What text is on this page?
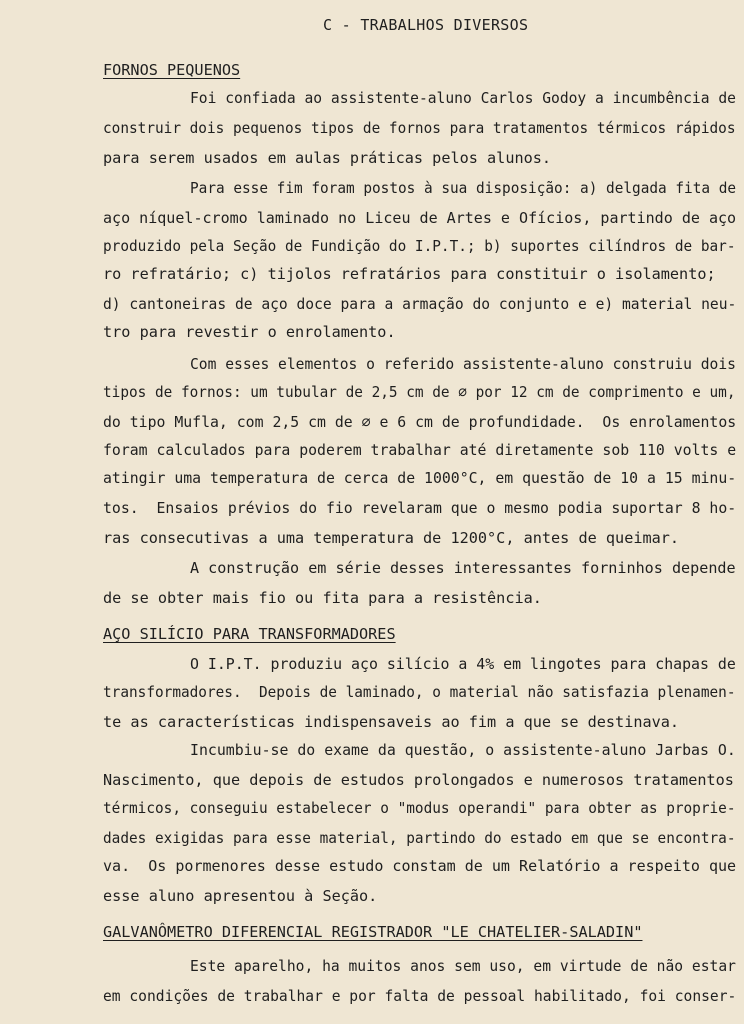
C - TRABALHOS DIVERSOS
FORNOS PEQUENOS
Foi confiada ao assistente-aluno Carlos Godoy a incumbência de
construir dois pequenos tipos de fornos para tratamentos térmicos rápidos
para serem usados em aulas práticas pelos alunos.
Para esse fim foram postos à sua disposição: a) delgada fita de
aço níquel-cromo laminado no Liceu de Artes e Ofícios, partindo de aço
produzido pela Seção de Fundição do I.P.T.; b) suportes cilíndros de bar-
ro refratário; c) tijolos refratários para constituir o isolamento;
d) cantoneiras de aço doce para a armação do conjunto e e) material neu-
tro para revestir o enrolamento.
Com esses elementos o referido assistente-aluno construiu dois
tipos de fornos: um tubular de 2,5 cm de ∅ por 12 cm de comprimento e um,
do tipo Mufla, com 2,5 cm de ∅ e 6 cm de profundidade.  Os enrolamentos
foram calculados para poderem trabalhar até diretamente sob 110 volts e
atingir uma temperatura de cerca de 1000°C, em questão de 10 a 15 minu-
tos.  Ensaios prévios do fio revelaram que o mesmo podia suportar 8 ho-
ras consecutivas a uma temperatura de 1200°C, antes de queimar.
A construção em série desses interessantes forninhos depende
de se obter mais fio ou fita para a resistência.
AÇO SILÍCIO PARA TRANSFORMADORES
O I.P.T. produziu aço silício a 4% em lingotes para chapas de
transformadores.  Depois de laminado, o material não satisfazia plenamen-
te as características indispensaveis ao fim a que se destinava.
Incumbiu-se do exame da questão, o assistente-aluno Jarbas O.
Nascimento, que depois de estudos prolongados e numerosos tratamentos
térmicos, conseguiu estabelecer o "modus operandi" para obter as proprie-
dades exigidas para esse material, partindo do estado em que se encontra-
va.  Os pormenores desse estudo constam de um Relatório a respeito que
esse aluno apresentou à Seção.
GALVANÔMETRO DIFERENCIAL REGISTRADOR "LE CHATELIER-SALADIN"
Este aparelho, ha muitos anos sem uso, em virtude de não estar
em condições de trabalhar e por falta de pessoal habilitado, foi conser-
